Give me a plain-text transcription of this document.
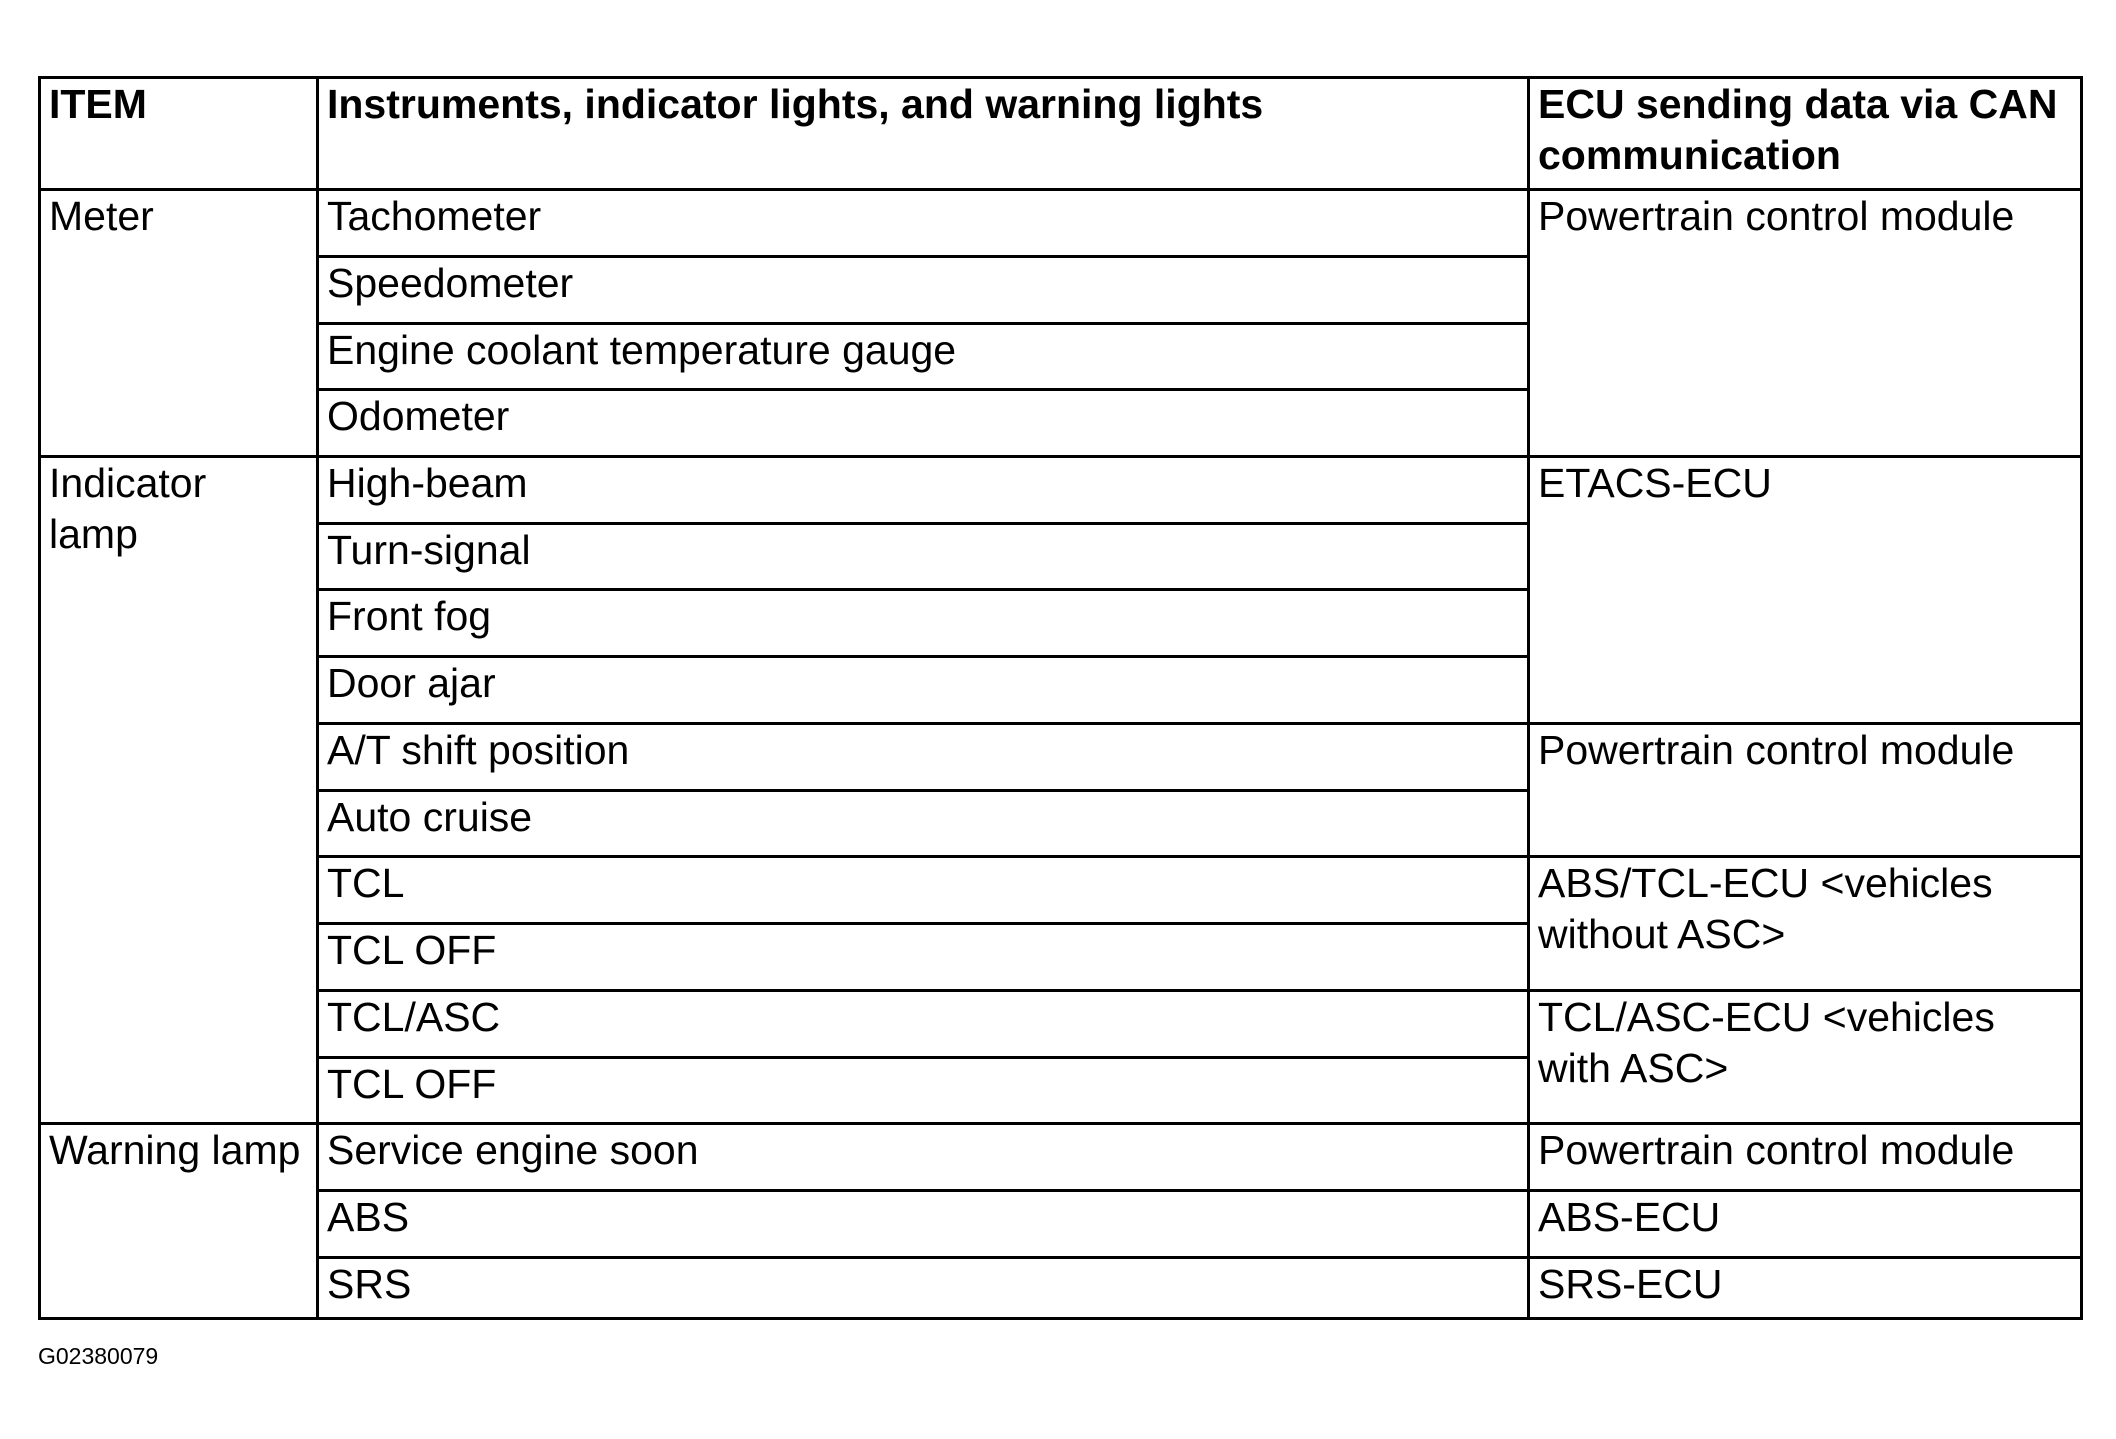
ITEM	Instruments, indicator lights, and warning lights	ECU sending data via CAN communication
Meter	Tachometer	Powertrain control module
	Speedometer	
	Engine coolant temperature gauge	
	Odometer	
Indicator lamp	High-beam	ETACS-ECU
	Turn-signal	
	Front fog	
	Door ajar	
	A/T shift position	Powertrain control module
	Auto cruise	
	TCL	ABS/TCL-ECU <vehicles without ASC>
	TCL OFF	
	TCL/ASC	TCL/ASC-ECU <vehicles with ASC>
	TCL OFF	
Warning lamp	Service engine soon	Powertrain control module
	ABS	ABS-ECU
	SRS	SRS-ECU
G02380079
